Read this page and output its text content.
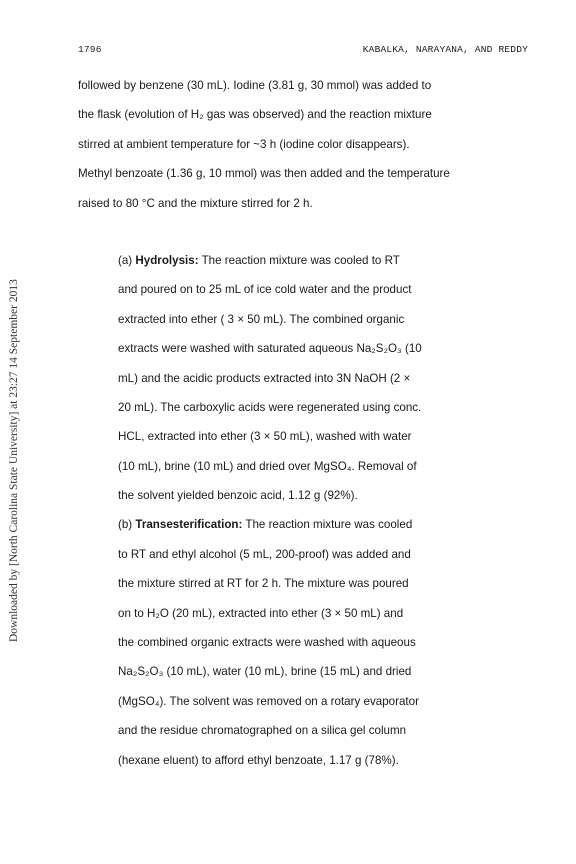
1796	KABALKA, NARAYANA, AND REDDY
Downloaded by [North Carolina State University] at 23:27 14 September 2013
followed by benzene (30 mL). Iodine (3.81 g, 30 mmol) was added to
the flask (evolution of H₂ gas was observed) and the reaction mixture
stirred at ambient temperature for ~3 h (iodine color disappears).
Methyl benzoate (1.36 g, 10 mmol) was then added and the temperature
raised to 80 °C and the mixture stirred for 2 h.
(a) Hydrolysis: The reaction mixture was cooled to RT
and poured on to 25 mL of ice cold water and the product
extracted into ether ( 3 × 50 mL). The combined organic
extracts were washed with saturated aqueous Na₂S₂O₃ (10
mL) and the acidic products extracted into 3N NaOH (2 ×
20 mL). The carboxylic acids were regenerated using conc.
HCL, extracted into ether (3 × 50 mL), washed with water
(10 mL), brine (10 mL) and dried over MgSO₄. Removal of
the solvent yielded benzoic acid, 1.12 g (92%).
(b) Transesterification: The reaction mixture was cooled
to RT and ethyl alcohol (5 mL, 200-proof) was added and
the mixture stirred at RT for 2 h. The mixture was poured
on to H₂O (20 mL), extracted into ether (3 × 50 mL) and
the combined organic extracts were washed with aqueous
Na₂S₂O₃ (10 mL), water (10 mL), brine (15 mL) and dried
(MgSO₄). The solvent was removed on a rotary evaporator
and the residue chromatographed on a silica gel column
(hexane eluent) to afford ethyl benzoate, 1.17 g (78%).
